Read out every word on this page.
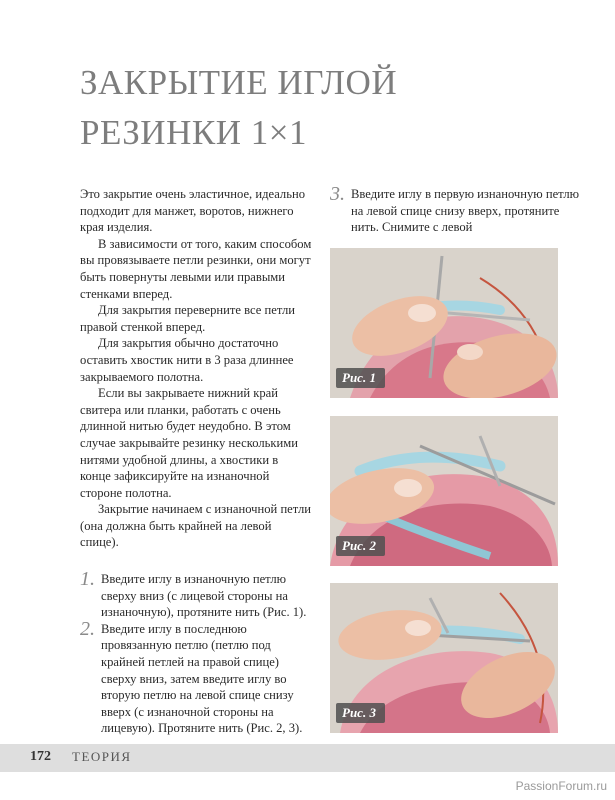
ЗАКРЫТИЕ ИГЛОЙ
РЕЗИНКИ 1×1

Это закрытие очень эластичное, идеально подходит для манжет, воротов, нижнего края изделия.

В зависимости от того, каким способом вы провязываете петли резинки, они могут быть повернуты левыми или правыми стенками вперед.

Для закрытия переверните все петли правой стенкой вперед.

Для закрытия обычно достаточно оставить хвостик нити в 3 раза длиннее закрываемого полотна.

Если вы закрываете нижний край свитера или планки, работать с очень длинной нитью будет неудобно. В этом случае закрывайте резинку несколькими нитями удобной длины, а хвостики в конце зафиксируйте на изнаночной стороне полотна.

Закрытие начинаем с изнаночной петли (она должна быть крайней на левой спице).

1. Введите иглу в изнаночную петлю сверху вниз (с лицевой стороны на изнаночную), протяните нить (Рис. 1).
2. Введите иглу в последнюю провязанную петлю (петлю под крайней петлей на правой спице) сверху вниз, затем введите иглу во вторую петлю на левой спице снизу вверх (с изнаночной стороны на лицевую). Протяните нить (Рис. 2, 3).
3. Введите иглу в первую изнаночную петлю на левой спице снизу вверх, протяните нить. Снимите с левой
Рис. 1
Рис. 2
Рис. 3
172 ТЕОРИЯ
PassionForum.ru
